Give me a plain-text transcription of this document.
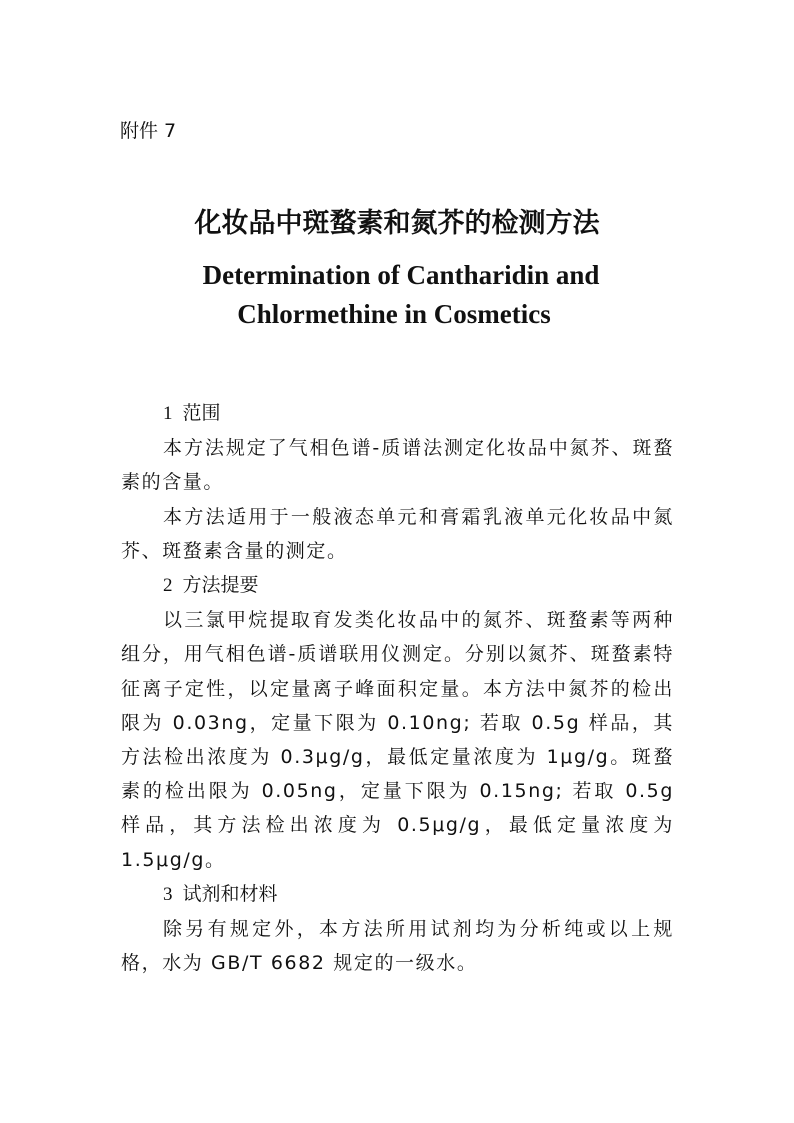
附件 7
化妆品中斑蝥素和氮芥的检测方法
Determination of Cantharidin and
Chlormethine in Cosmetics
1 范围

本方法规定了气相色谱-质谱法测定化妆品中氮芥、斑蝥素的含量。

本方法适用于一般液态单元和膏霜乳液单元化妆品中氮芥、斑蝥素含量的测定。

2 方法提要

以三氯甲烷提取育发类化妆品中的氮芥、斑蝥素等两种组分，用气相色谱-质谱联用仪测定。分别以氮芥、斑蝥素特征离子定性，以定量离子峰面积定量。本方法中氮芥的检出限为 0.03ng，定量下限为 0.10ng; 若取 0.5g 样品，其方法检出浓度为 0.3μg/g，最低定量浓度为 1μg/g。斑蝥素的检出限为 0.05ng，定量下限为 0.15ng; 若取 0.5g 样品，其方法检出浓度为 0.5μg/g，最低定量浓度为 1.5μg/g。

3 试剂和材料

除另有规定外，本方法所用试剂均为分析纯或以上规格，水为 GB/T 6682 规定的一级水。
